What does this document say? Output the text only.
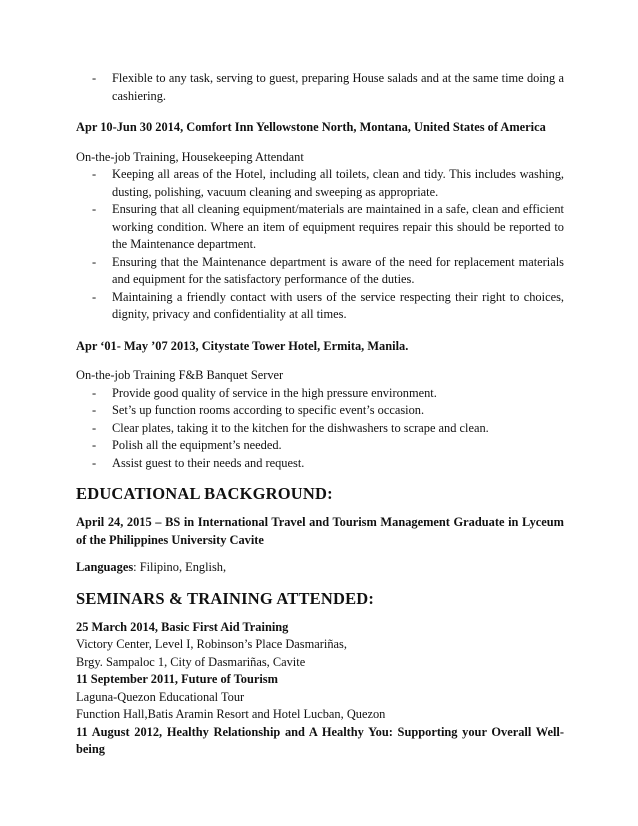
- Flexible to any task, serving to guest, preparing House salads and at the same time doing a cashiering.
Apr 10-Jun 30 2014, Comfort Inn Yellowstone North, Montana, United States of America
On-the-job Training, Housekeeping Attendant
- Keeping all areas of the Hotel, including all toilets, clean and tidy. This includes washing, dusting, polishing, vacuum cleaning and sweeping as appropriate.
- Ensuring that all cleaning equipment/materials are maintained in a safe, clean and efficient working condition. Where an item of equipment requires repair this should be reported to the Maintenance department.
- Ensuring that the Maintenance department is aware of the need for replacement materials and equipment for the satisfactory performance of the duties.
- Maintaining a friendly contact with users of the service respecting their right to choices, dignity, privacy and confidentiality at all times.
Apr ‘01- May ’07 2013, Citystate Tower Hotel, Ermita, Manila.
On-the-job Training F&B Banquet Server
- Provide good quality of service in the high pressure environment.
- Set’s up function rooms according to specific event’s occasion.
- Clear plates, taking it to the kitchen for the dishwashers to scrape and clean.
- Polish all the equipment’s needed.
- Assist guest to their needs and request.
EDUCATIONAL BACKGROUND:
April 24, 2015 – BS in International Travel and Tourism Management Graduate in Lyceum of the Philippines University Cavite
Languages: Filipino, English,
SEMINARS & TRAINING ATTENDED:
25 March 2014, Basic First Aid Training
Victory Center, Level I, Robinson’s Place Dasmariñas,
Brgy. Sampaloc 1, City of Dasmariñas, Cavite
11 September 2011, Future of Tourism
Laguna-Quezon Educational Tour
Function Hall,Batis Aramin Resort and Hotel Lucban, Quezon
11 August 2012, Healthy Relationship and A Healthy You: Supporting your Overall Well-being
